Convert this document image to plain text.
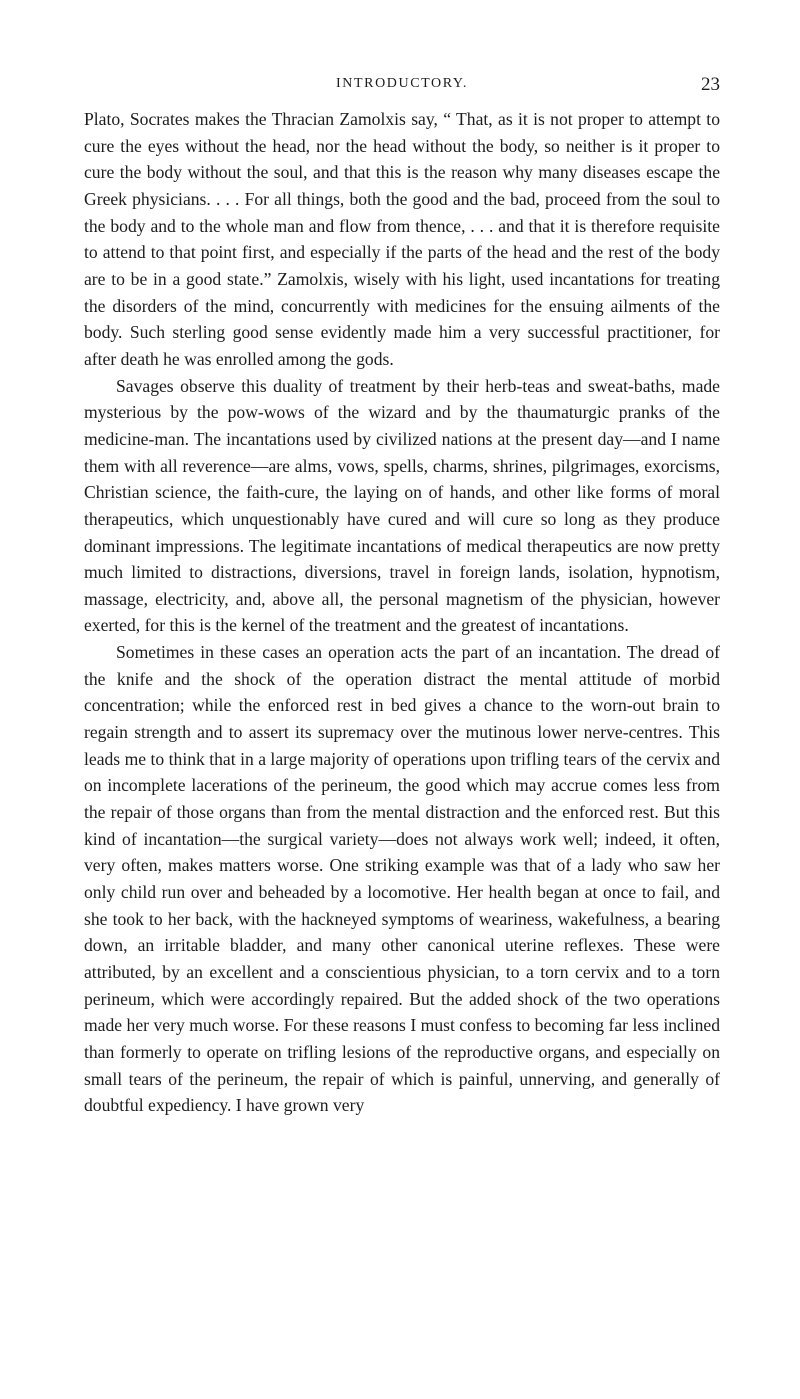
INTRODUCTORY.	23

Plato, Socrates makes the Thracian Zamolxis say, “ That, as it is not proper to attempt to cure the eyes without the head, nor the head without the body, so neither is it proper to cure the body without the soul, and that this is the reason why many diseases escape the Greek physicians. . . . For all things, both the good and the bad, proceed from the soul to the body and to the whole man and flow from thence, . . . and that it is therefore requisite to attend to that point first, and especially if the parts of the head and the rest of the body are to be in a good state.” Zamolxis, wisely with his light, used incantations for treating the disorders of the mind, concurrently with medicines for the ensuing ailments of the body. Such sterling good sense evidently made him a very successful practitioner, for after death he was enrolled among the gods.

Savages observe this duality of treatment by their herb-teas and sweat-baths, made mysterious by the pow-wows of the wizard and by the thaumaturgic pranks of the medicine-man. The incantations used by civilized nations at the present day—and I name them with all reverence—are alms, vows, spells, charms, shrines, pilgrimages, exorcisms, Christian science, the faith-cure, the laying on of hands, and other like forms of moral therapeutics, which unquestionably have cured and will cure so long as they produce dominant impressions. The legitimate incantations of medical therapeutics are now pretty much limited to distractions, diversions, travel in foreign lands, isolation, hypnotism, massage, electricity, and, above all, the personal magnetism of the physician, however exerted, for this is the kernel of the treatment and the greatest of incantations.

Sometimes in these cases an operation acts the part of an incantation. The dread of the knife and the shock of the operation distract the mental attitude of morbid concentration; while the enforced rest in bed gives a chance to the worn-out brain to regain strength and to assert its supremacy over the mutinous lower nerve-centres. This leads me to think that in a large majority of operations upon trifling tears of the cervix and on incomplete lacerations of the perineum, the good which may accrue comes less from the repair of those organs than from the mental distraction and the enforced rest. But this kind of incantation—the surgical variety—does not always work well; indeed, it often, very often, makes matters worse. One striking example was that of a lady who saw her only child run over and beheaded by a locomotive. Her health began at once to fail, and she took to her back, with the hackneyed symptoms of weariness, wakefulness, a bearing down, an irritable bladder, and many other canonical uterine reflexes. These were attributed, by an excellent and a conscientious physician, to a torn cervix and to a torn perineum, which were accordingly repaired. But the added shock of the two operations made her very much worse. For these reasons I must confess to becoming far less inclined than formerly to operate on trifling lesions of the reproductive organs, and especially on small tears of the perineum, the repair of which is painful, unnerving, and generally of doubtful expediency. I have grown very
